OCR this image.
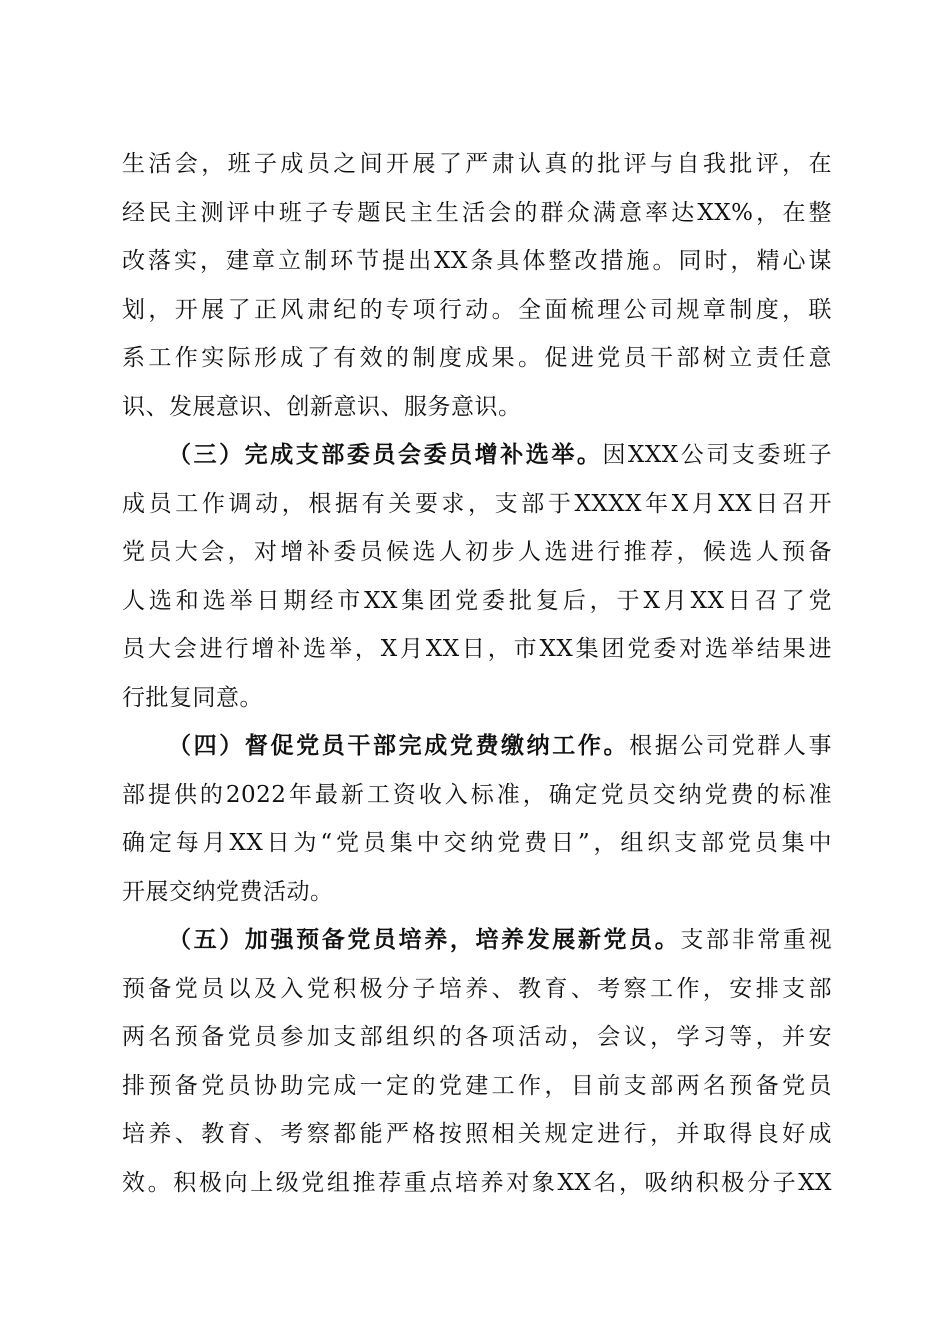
生活会，班子成员之间开展了严肃认真的批评与自我批评，在
经民主测评中班子专题民主生活会的群众满意率达XX%，在整
改落实，建章立制环节提出XX条具体整改措施。同时，精心谋
划，开展了正风肃纪的专项行动。全面梳理公司规章制度，联
系工作实际形成了有效的制度成果。促进党员干部树立责任意
识、发展意识、创新意识、服务意识。
（三）完成支部委员会委员增补选举。因XXX公司支委班子
成员工作调动，根据有关要求，支部于XXXX年X月XX日召开
党员大会，对增补委员候选人初步人选进行推荐，候选人预备
人选和选举日期经市XX集团党委批复后，于X月XX日召了党
员大会进行增补选举，X月XX日，市XX集团党委对选举结果进
行批复同意。
（四）督促党员干部完成党费缴纳工作。根据公司党群人事
部提供的2022年最新工资收入标准，确定党员交纳党费的标准
确定每月XX日为“党员集中交纳党费日”，组织支部党员集中
开展交纳党费活动。
（五）加强预备党员培养，培养发展新党员。支部非常重视
预备党员以及入党积极分子培养、教育、考察工作，安排支部
两名预备党员参加支部组织的各项活动，会议，学习等，并安
排预备党员协助完成一定的党建工作，目前支部两名预备党员
培养、教育、考察都能严格按照相关规定进行，并取得良好成
效。积极向上级党组推荐重点培养对象XX名，吸纳积极分子XX
